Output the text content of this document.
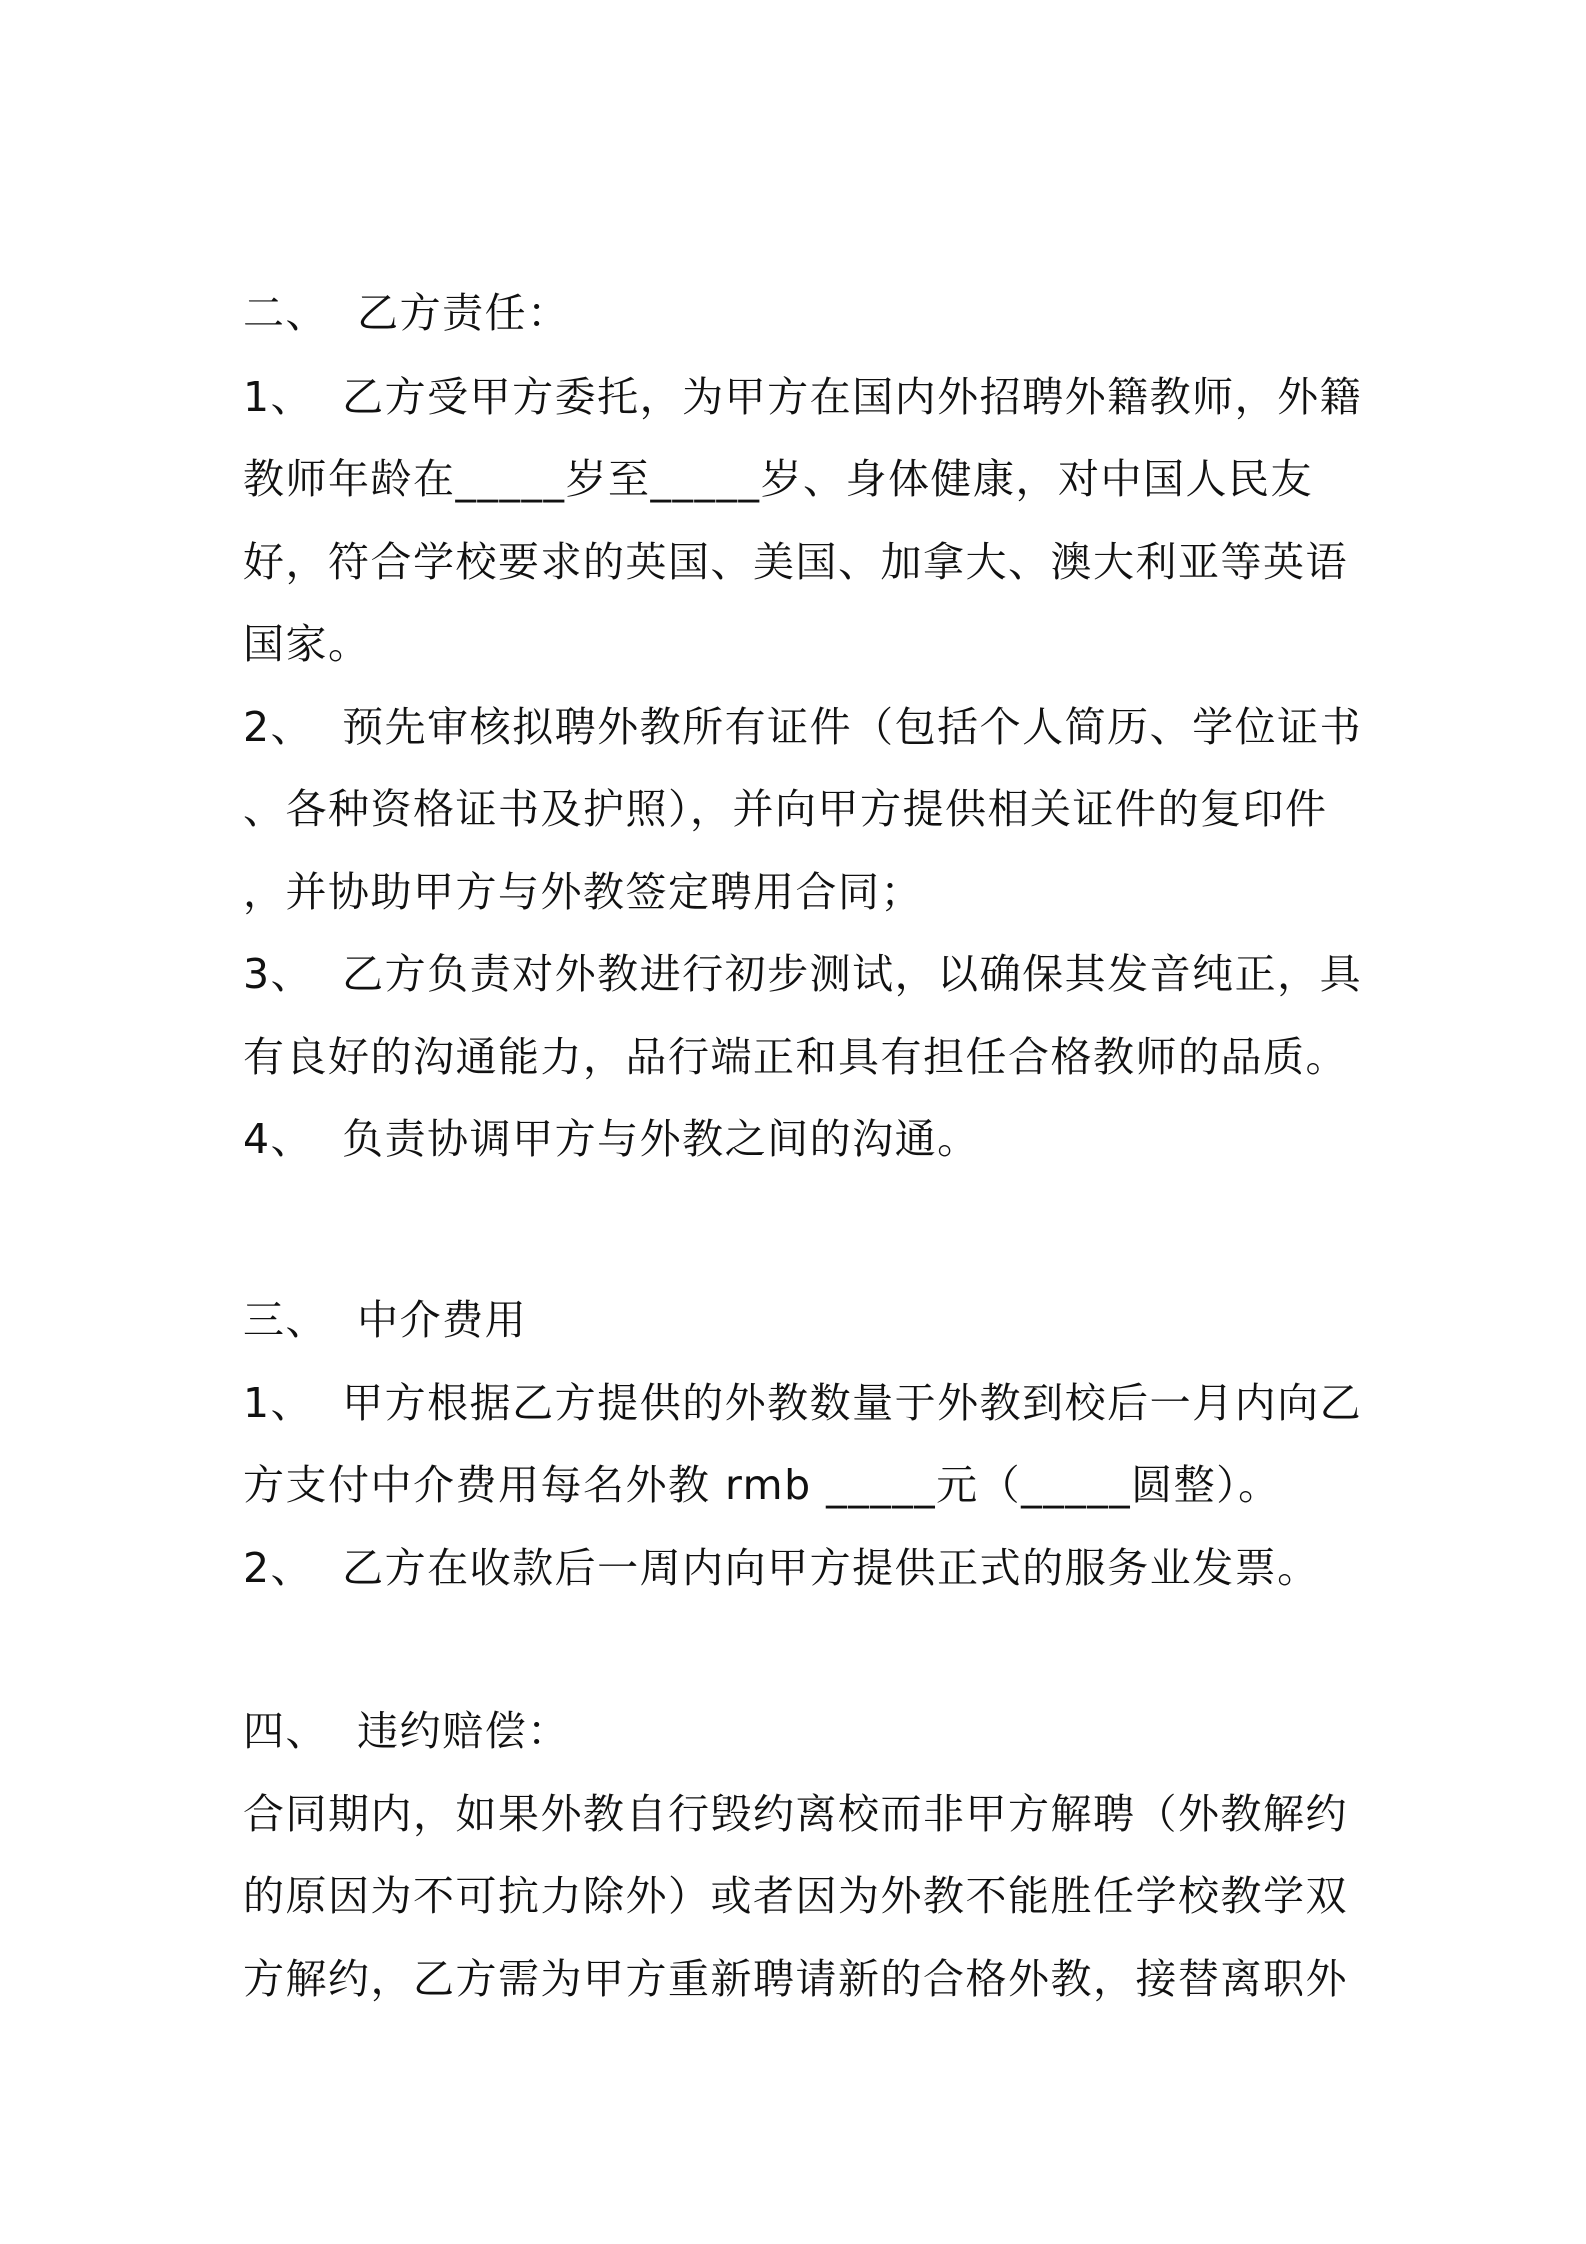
二、  乙方责任：
1、  乙方受甲方委托，为甲方在国内外招聘外籍教师，外籍
教师年龄在_____岁至_____岁、身体健康，对中国人民友
好，符合学校要求的英国、美国、加拿大、澳大利亚等英语
国家。
2、  预先审核拟聘外教所有证件（包括个人简历、学位证书
、各种资格证书及护照），并向甲方提供相关证件的复印件
，并协助甲方与外教签定聘用合同；
3、  乙方负责对外教进行初步测试，以确保其发音纯正，具
有良好的沟通能力，品行端正和具有担任合格教师的品质。
4、  负责协调甲方与外教之间的沟通。
三、  中介费用
1、  甲方根据乙方提供的外教数量于外教到校后一月内向乙
方支付中介费用每名外教 rmb _____元（_____圆整）。
2、  乙方在收款后一周内向甲方提供正式的服务业发票。
四、  违约赔偿：
合同期内，如果外教自行毁约离校而非甲方解聘（外教解约
的原因为不可抗力除外）或者因为外教不能胜任学校教学双
方解约，乙方需为甲方重新聘请新的合格外教，接替离职外
